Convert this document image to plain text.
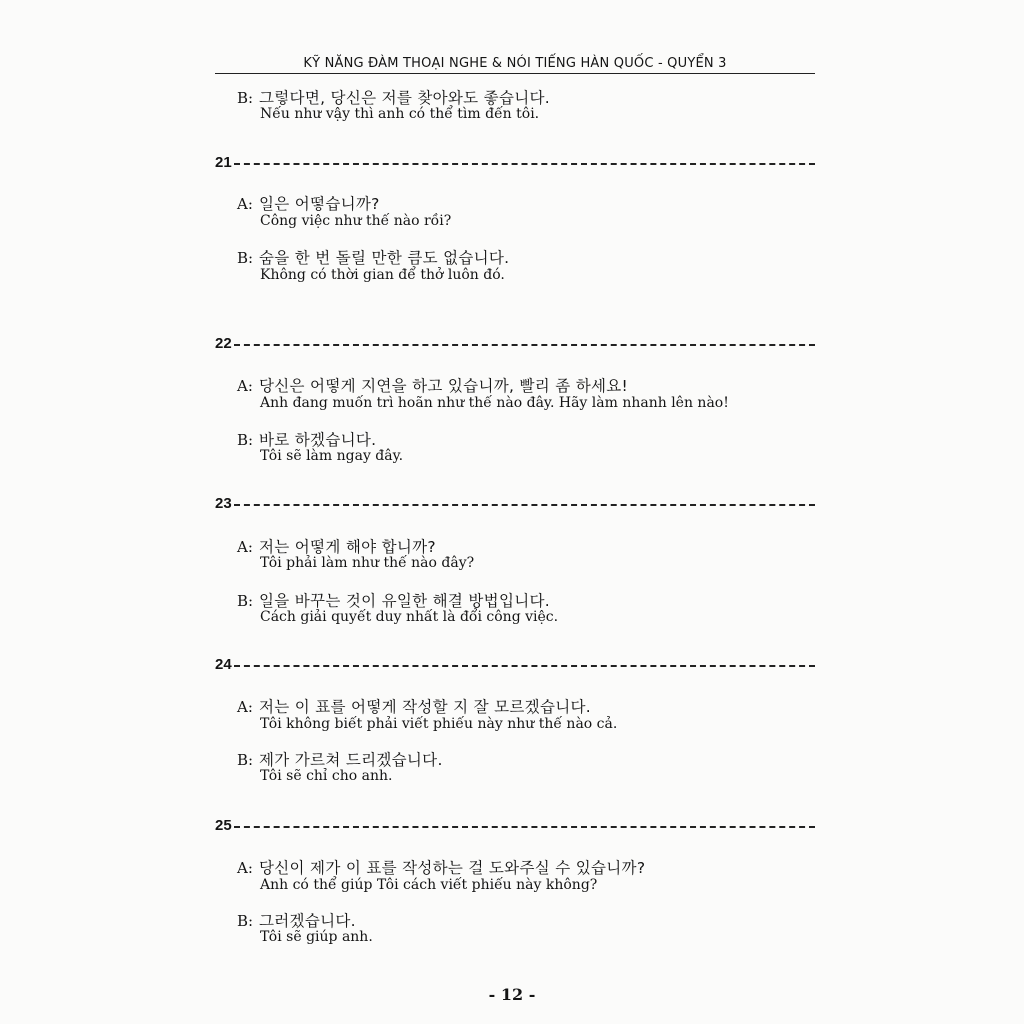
KỸ NĂNG ĐÀM THOẠI NGHE & NÓI TIẾNG HÀN QUỐC - QUYỂN 3
B: 그렇다면, 당신은 저를 찾아와도 좋습니다.
Nếu như vậy thì anh có thể tìm đến tôi.
21
A: 일은 어떻습니까?
Công việc như thế nào rồi?
B: 숨을 한 번 돌릴 만한 큼도 없습니다.
Không có thời gian để thở luôn đó.
22
A: 당신은 어떻게 지연을 하고 있습니까, 빨리 좀 하세요!
Anh đang muốn trì hoãn như thế nào đây. Hãy làm nhanh lên nào!
B: 바로 하겠습니다.
Tôi sẽ làm ngay đây.
23
A: 저는 어떻게 해야 합니까?
Tôi phải làm như thế nào đây?
B: 일을 바꾸는 것이 유일한 해결 방법입니다.
Cách giải quyết duy nhất là đổi công việc.
24
A: 저는 이 표를 어떻게 작성할 지 잘 모르겠습니다.
Tôi không biết phải viết phiếu này như thế nào cả.
B: 제가 가르쳐 드리겠습니다.
Tôi sẽ chỉ cho anh.
25
A: 당신이 제가 이 표를 작성하는 걸 도와주실 수 있습니까?
Anh có thể giúp Tôi cách viết phiếu này không?
B: 그러겠습니다.
Tôi sẽ giúp anh.
- 12 -
